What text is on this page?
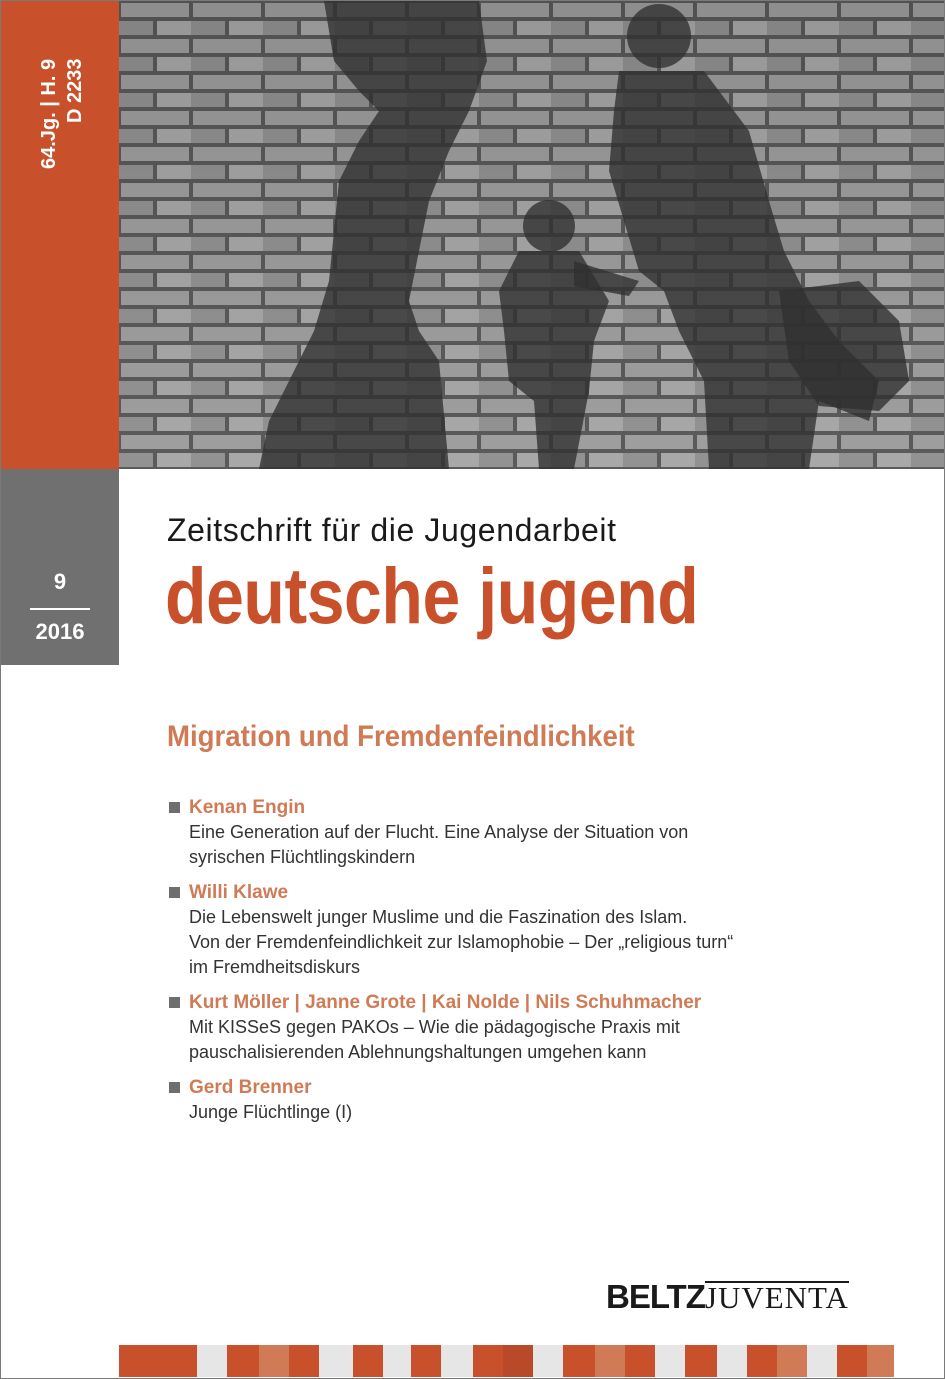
64.Jg. | H. 9 D 2233
9
2016
Zeitschrift für die Jugendarbeit
deutsche jugend
Migration und Fremdenfeindlichkeit
Kenan Engin
Eine Generation auf der Flucht. Eine Analyse der Situation von
syrischen Flüchtlingskindern
Willi Klawe
Die Lebenswelt junger Muslime und die Faszination des Islam.
Von der Fremdenfeindlichkeit zur Islamophobie – Der „religious turn“
im Fremdheitsdiskurs
Kurt Möller | Janne Grote | Kai Nolde | Nils Schuhmacher
Mit KISSeS gegen PAKOs – Wie die pädagogische Praxis mit
pauschalisierenden Ablehnungshaltungen umgehen kann
Gerd Brenner
Junge Flüchtlinge (I)
BELTZJUVENTA
